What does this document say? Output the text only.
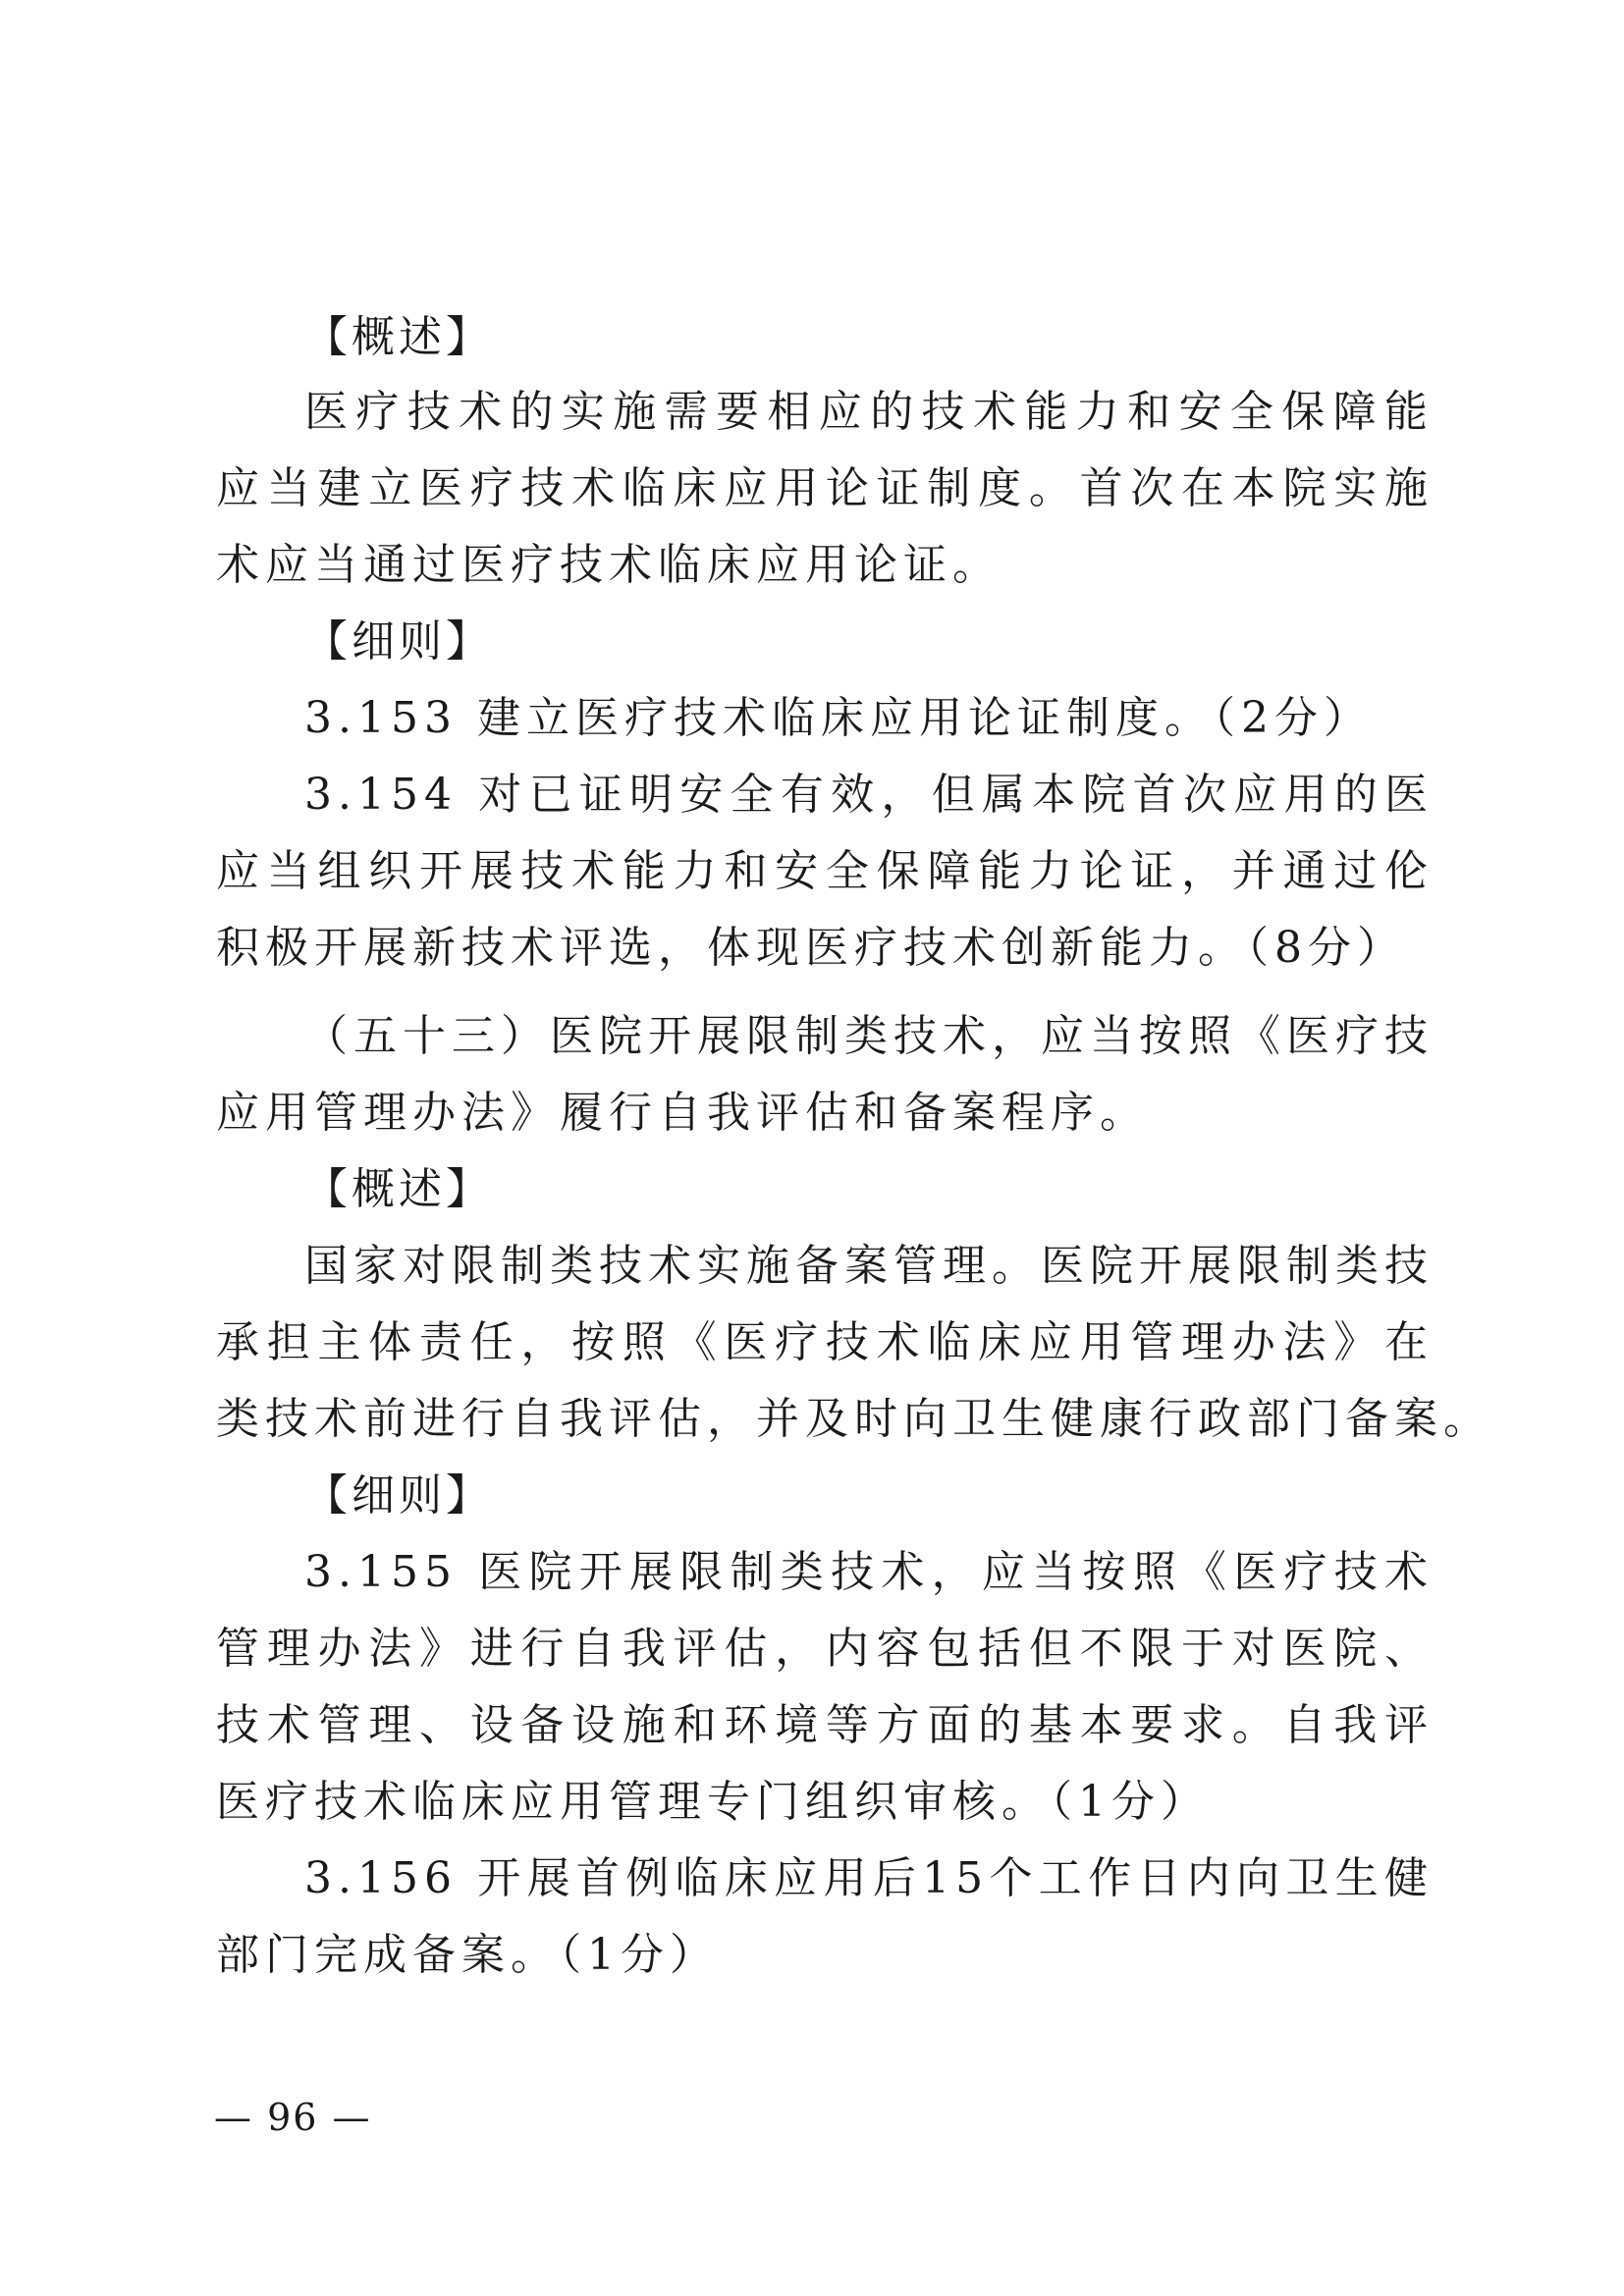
【概述】
医疗技术的实施需要相应的技术能力和安全保障能
应当建立医疗技术临床应用论证制度。首次在本院实施
术应当通过医疗技术临床应用论证。
【细则】
3.153 建立医疗技术临床应用论证制度。（2分）
3.154 对已证明安全有效，但属本院首次应用的医
应当组织开展技术能力和安全保障能力论证，并通过伦
积极开展新技术评选，体现医疗技术创新能力。（8分）
（五十三）医院开展限制类技术，应当按照《医疗技
应用管理办法》履行自我评估和备案程序。
【概述】
国家对限制类技术实施备案管理。医院开展限制类技
承担主体责任，按照《医疗技术临床应用管理办法》在
类技术前进行自我评估，并及时向卫生健康行政部门备案。
【细则】
3.155 医院开展限制类技术，应当按照《医疗技术
管理办法》进行自我评估，内容包括但不限于对医院、
技术管理、设备设施和环境等方面的基本要求。自我评
医疗技术临床应用管理专门组织审核。（1分）
3.156 开展首例临床应用后15个工作日内向卫生健
部门完成备案。（1分）
— 96 —
